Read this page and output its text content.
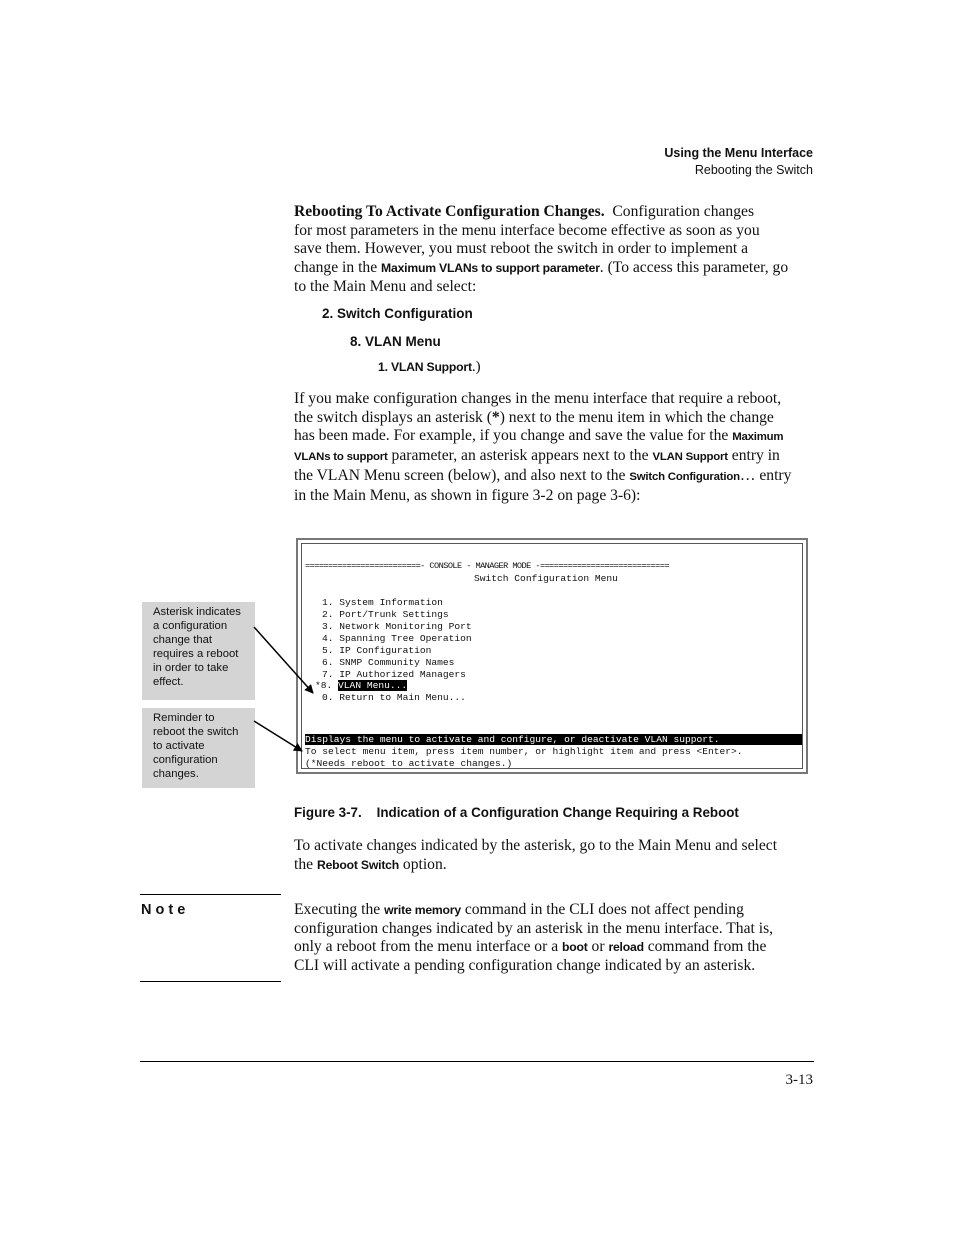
Using the Menu Interface
Rebooting the Switch
Rebooting To Activate Configuration Changes. Configuration changes
for most parameters in the menu interface become effective as soon as you
save them. However, you must reboot the switch in order to implement a
change in the Maximum VLANs to support parameter. (To access this parameter, go
to the Main Menu and select:
2. Switch Configuration
8. VLAN Menu
1. VLAN Support.)
If you make configuration changes in the menu interface that require a reboot,
the switch displays an asterisk (*) next to the menu item in which the change
has been made. For example, if you change and save the value for the Maximum
VLANs to support parameter, an asterisk appears next to the VLAN Support entry in
the VLAN Menu screen (below), and also next to the Switch Configuration… entry
in the Main Menu, as shown in figure 3-2 on page 3-6):
=========================- CONSOLE - MANAGER MODE -============================
Switch Configuration Menu
1. System Information
2. Port/Trunk Settings
3. Network Monitoring Port
4. Spanning Tree Operation
5. IP Configuration
6. SNMP Community Names
7. IP Authorized Managers
*8. VLAN Menu...
0. Return to Main Menu...
Displays the menu to activate and configure, or deactivate VLAN support.
To select menu item, press item number, or highlight item and press <Enter>.
(*Needs reboot to activate changes.)
Asterisk indicates
a configuration
change that
requires a reboot
in order to take
effect.
Reminder to
reboot the switch
to activate
configuration
changes.
Figure 3-7. Indication of a Configuration Change Requiring a Reboot
To activate changes indicated by the asterisk, go to the Main Menu and select
the Reboot Switch option.
N o t e	Executing the write memory command in the CLI does not affect pending
configuration changes indicated by an asterisk in the menu interface. That is,
only a reboot from the menu interface or a boot or reload command from the
CLI will activate a pending configuration change indicated by an asterisk.
3-13
